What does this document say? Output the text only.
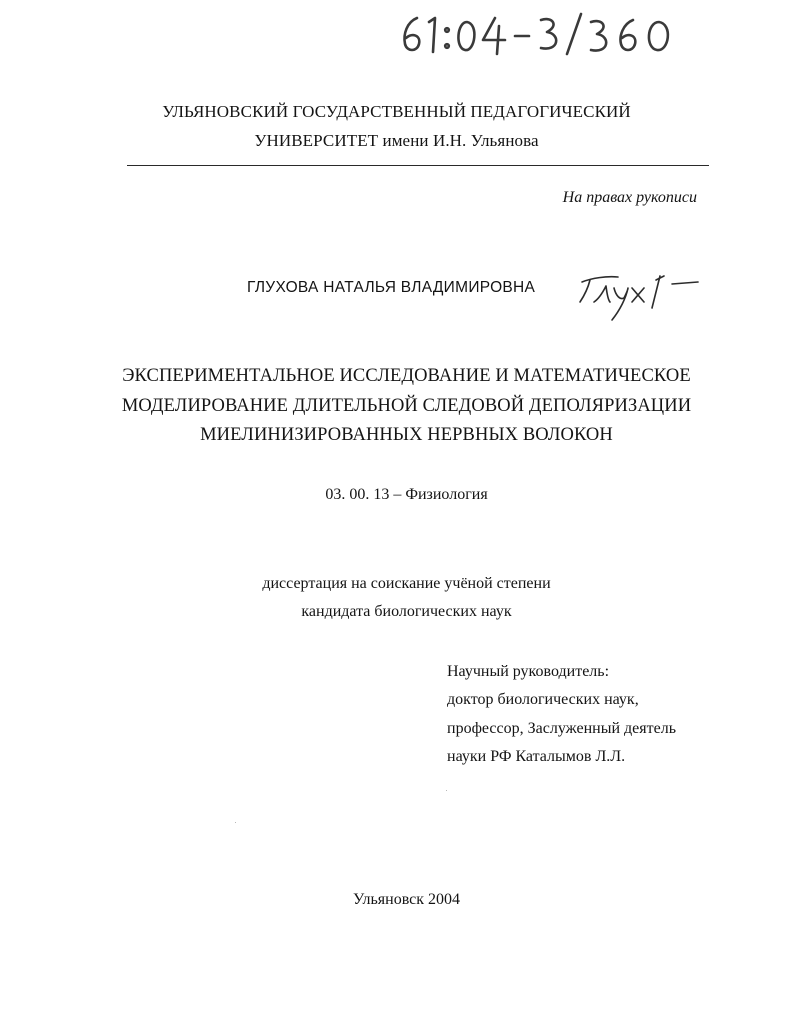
61: 04-3/360
УЛЬЯНОВСКИЙ ГОСУДАРСТВЕННЫЙ ПЕДАГОГИЧЕСКИЙ
УНИВЕРСИТЕТ имени И.Н. Ульянова
На правах рукописи
ГЛУХОВА НАТАЛЬЯ ВЛАДИМИРОВНА
Глух/—
ЭКСПЕРИМЕНТАЛЬНОЕ ИССЛЕДОВАНИЕ И МАТЕМАТИЧЕСКОЕ
МОДЕЛИРОВАНИЕ ДЛИТЕЛЬНОЙ СЛЕДОВОЙ ДЕПОЛЯРИЗАЦИИ
МИЕЛИНИЗИРОВАННЫХ НЕРВНЫХ ВОЛОКОН
03. 00. 13 – Физиология
диссертация на соискание учёной степени
кандидата биологических наук
Научный руководитель:
доктор биологических наук,
профессор, Заслуженный деятель
науки РФ Каталымов Л.Л.
Ульяновск 2004
